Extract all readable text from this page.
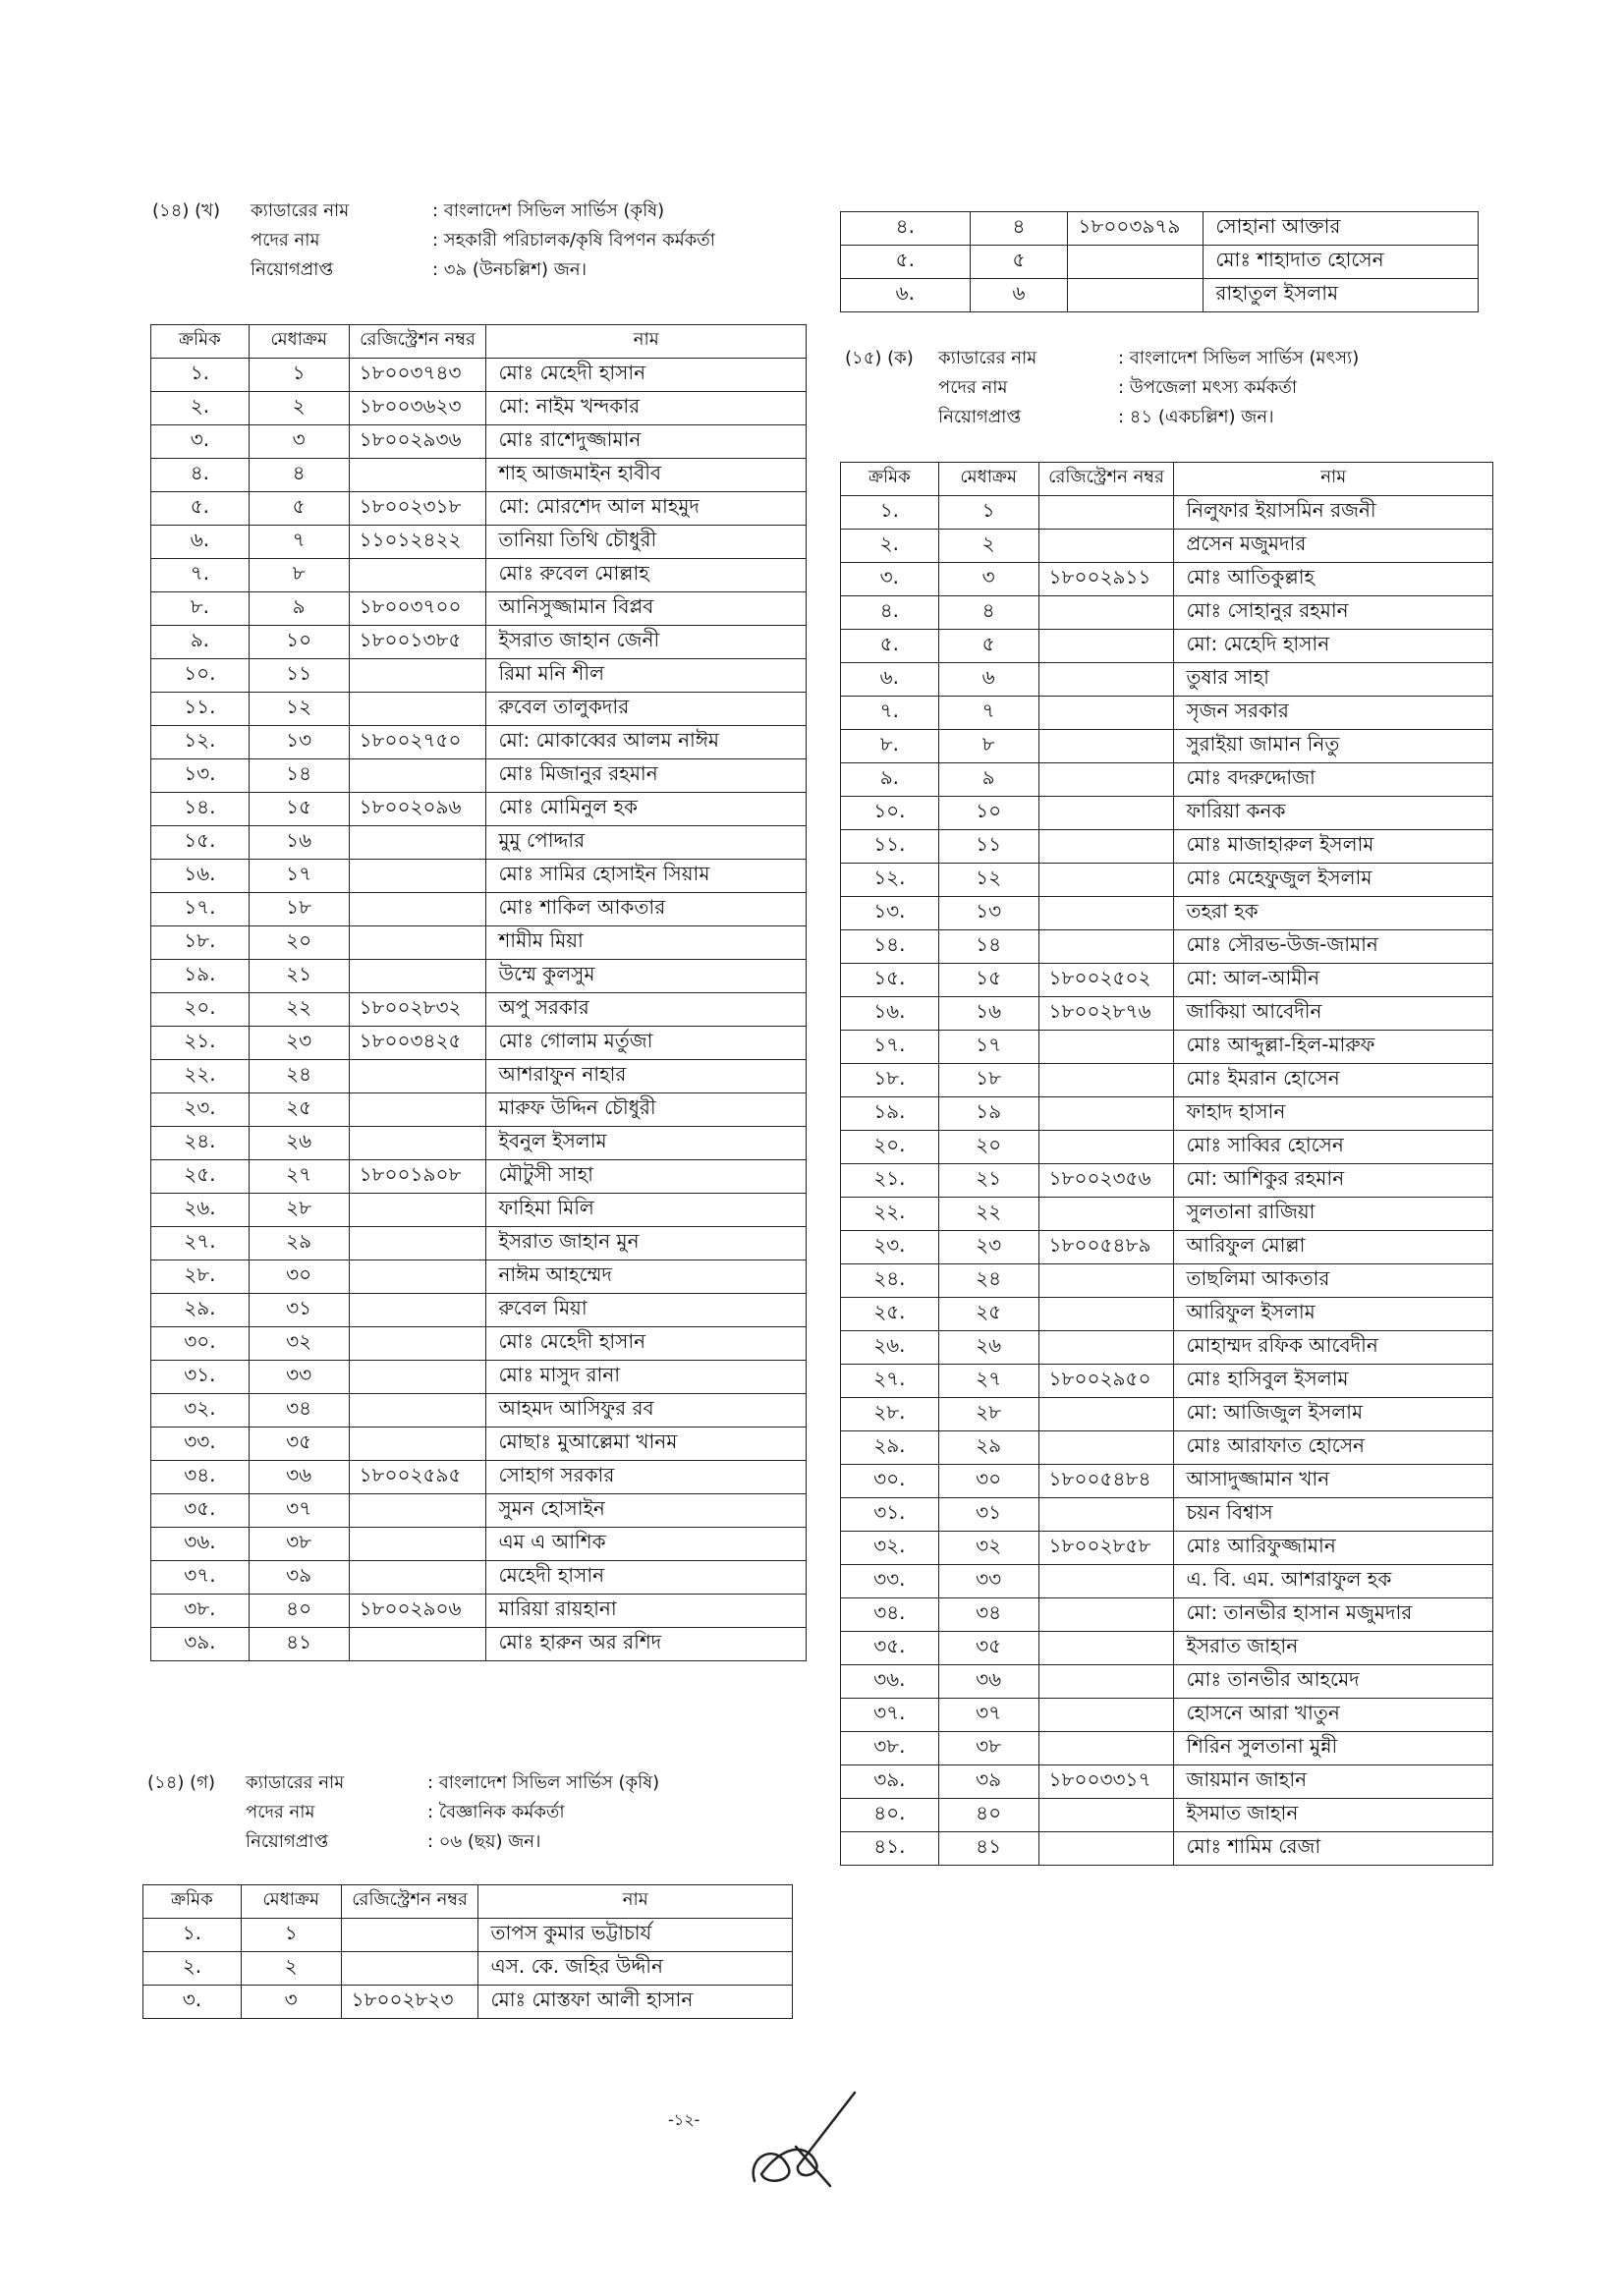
(১৪) (খ) ক্যাডারের নাম	: বাংলাদেশ সিভিল সার্ভিস (কৃষি)
পদের নাম	: সহকারী পরিচালক/কৃষি বিপণন কর্মকর্তা
নিয়োগপ্রাপ্ত	: ৩৯ (উনচল্লিশ) জন।
ক্রমিক	মেধাক্রম	রেজিস্ট্রেশন নম্বর	নাম
১.	১	১৮০০৩৭৪৩	মোঃ মেহেদী হাসান
২.	২	১৮০০৩৬২৩	মো: নাইম খন্দকার
৩.	৩	১৮০০২৯৩৬	মোঃ রাশেদুজ্জামান
৪.	৪		শাহ আজমাইন হাবীব
৫.	৫	১৮০০২৩১৮	মো: মোরশেদ আল মাহমুদ
৬.	৭	১১০১২৪২২	তানিয়া তিথি চৌধুরী
৭.	৮		মোঃ রুবেল মোল্লাহ
৮.	৯	১৮০০৩৭০০	আনিসুজ্জামান বিপ্লব
৯.	১০	১৮০০১৩৮৫	ইসরাত জাহান জেনী
১০.	১১		রিমা মনি শীল
১১.	১২		রুবেল তালুকদার
১২.	১৩	১৮০০২৭৫০	মো: মোকাব্বের আলম নাঈম
১৩.	১৪		মোঃ মিজানুর রহমান
১৪.	১৫	১৮০০২০৯৬	মোঃ মোমিনুল হক
১৫.	১৬		মুমু পোদ্দার
১৬.	১৭		মোঃ সামির হোসাইন সিয়াম
১৭.	১৮		মোঃ শাকিল আকতার
১৮.	২০		শামীম মিয়া
১৯.	২১		উম্মে কুলসুম
২০.	২২	১৮০০২৮৩২	অপু সরকার
২১.	২৩	১৮০০৩৪২৫	মোঃ গোলাম মর্তুজা
২২.	২৪		আশরাফুন নাহার
২৩.	২৫		মারুফ উদ্দিন চৌধুরী
২৪.	২৬		ইবনুল ইসলাম
২৫.	২৭	১৮০০১৯০৮	মৌটুসী সাহা
২৬.	২৮		ফাহিমা মিলি
২৭.	২৯		ইসরাত জাহান মুন
২৮.	৩০		নাঈম আহম্মেদ
২৯.	৩১		রুবেল মিয়া
৩০.	৩২		মোঃ মেহেদী হাসান
৩১.	৩৩		মোঃ মাসুদ রানা
৩২.	৩৪		আহমদ আসিফুর রব
৩৩.	৩৫		মোছাঃ মুআল্লেমা খানম
৩৪.	৩৬	১৮০০২৫৯৫	সোহাগ সরকার
৩৫.	৩৭		সুমন হোসাইন
৩৬.	৩৮		এম এ আশিক
৩৭.	৩৯		মেহেদী হাসান
৩৮.	৪০	১৮০০২৯০৬	মারিয়া রায়হানা
৩৯.	৪১		মোঃ হারুন অর রশিদ
(১৪) (গ) ক্যাডারের নাম	: বাংলাদেশ সিভিল সার্ভিস (কৃষি)
পদের নাম	: বৈজ্ঞানিক কর্মকর্তা
নিয়োগপ্রাপ্ত	: ০৬ (ছয়) জন।
ক্রমিক	মেধাক্রম	রেজিস্ট্রেশন নম্বর	নাম
১.	১		তাপস কুমার ভট্টাচার্য
২.	২		এস. কে. জহির উদ্দীন
৩.	৩	১৮০০২৮২৩	মোঃ মোস্তফা আলী হাসান
৪.	৪	১৮০০৩৯৭৯	সোহানা আক্তার
৫.	৫		মোঃ শাহাদাত হোসেন
৬.	৬		রাহাতুল ইসলাম
(১৫) (ক) ক্যাডারের নাম	: বাংলাদেশ সিভিল সার্ভিস (মৎস্য)
পদের নাম	: উপজেলা মৎস্য কর্মকর্তা
নিয়োগপ্রাপ্ত	: ৪১ (একচল্লিশ) জন।
ক্রমিক	মেধাক্রম	রেজিস্ট্রেশন নম্বর	নাম
১.	১		নিলুফার ইয়াসমিন রজনী
২.	২		প্রসেন মজুমদার
৩.	৩	১৮০০২৯১১	মোঃ আতিকুল্লাহ
৪.	৪		মোঃ সোহানুর রহমান
৫.	৫		মো: মেহেদি হাসান
৬.	৬		তুষার সাহা
৭.	৭		সৃজন সরকার
৮.	৮		সুরাইয়া জামান নিতু
৯.	৯		মোঃ বদরুদ্দোজা
১০.	১০		ফারিয়া কনক
১১.	১১		মোঃ মাজাহারুল ইসলাম
১২.	১২		মোঃ মেহেফুজুল ইসলাম
১৩.	১৩		তহরা হক
১৪.	১৪		মোঃ সৌরভ-উজ-জামান
১৫.	১৫	১৮০০২৫০২	মো: আল-আমীন
১৬.	১৬	১৮০০২৮৭৬	জাকিয়া আবেদীন
১৭.	১৭		মোঃ আব্দুল্লা-হিল-মারুফ
১৮.	১৮		মোঃ ইমরান হোসেন
১৯.	১৯		ফাহাদ হাসান
২০.	২০		মোঃ সাব্বির হোসেন
২১.	২১	১৮০০২৩৫৬	মো: আশিকুর রহমান
২২.	২২		সুলতানা রাজিয়া
২৩.	২৩	১৮০০৫৪৮৯	আরিফুল মোল্লা
২৪.	২৪		তাছলিমা আকতার
২৫.	২৫		আরিফুল ইসলাম
২৬.	২৬		মোহাম্মদ রফিক আবেদীন
২৭.	২৭	১৮০০২৯৫০	মোঃ হাসিবুল ইসলাম
২৮.	২৮		মো: আজিজুল ইসলাম
২৯.	২৯		মোঃ আরাফাত হোসেন
৩০.	৩০	১৮০০৫৪৮৪	আসাদুজ্জামান খান
৩১.	৩১		চয়ন বিশ্বাস
৩২.	৩২	১৮০০২৮৫৮	মোঃ আরিফুজ্জামান
৩৩.	৩৩		এ. বি. এম. আশরাফুল হক
৩৪.	৩৪		মো: তানভীর হাসান মজুমদার
৩৫.	৩৫		ইসরাত জাহান
৩৬.	৩৬		মোঃ তানভীর আহমেদ
৩৭.	৩৭		হোসনে আরা খাতুন
৩৮.	৩৮		শিরিন সুলতানা মুন্নী
৩৯.	৩৯	১৮০০৩৩১৭	জায়মান জাহান
৪০.	৪০		ইসমাত জাহান
৪১.	৪১		মোঃ শামিম রেজা
-১২-
